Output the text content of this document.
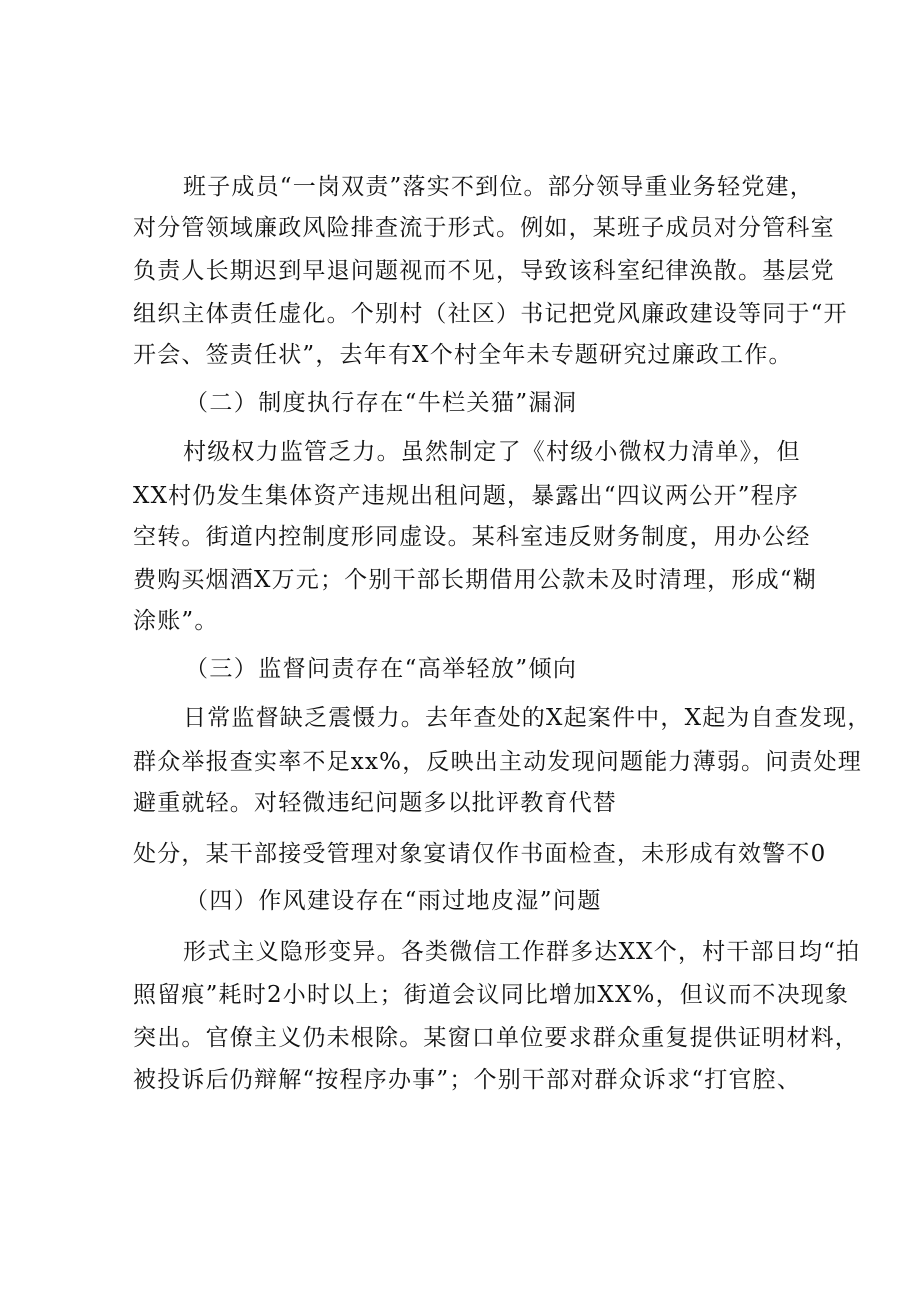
班子成员“一岗双责”落实不到位。部分领导重业务轻党建，
对分管领域廉政风险排查流于形式。例如，某班子成员对分管科室
负责人长期迟到早退问题视而不见，导致该科室纪律涣散。基层党
组织主体责任虚化。个别村（社区）书记把党风廉政建设等同于“开
开会、签责任状”，去年有X个村全年未专题研究过廉政工作。
（二）制度执行存在“牛栏关猫”漏洞
村级权力监管乏力。虽然制定了《村级小微权力清单》，但
XX村仍发生集体资产违规出租问题，暴露出“四议两公开”程序
空转。街道内控制度形同虚设。某科室违反财务制度，用办公经
费购买烟酒X万元；个别干部长期借用公款未及时清理，形成“糊
涂账”。
（三）监督问责存在“高举轻放”倾向
日常监督缺乏震慑力。去年查处的X起案件中，X起为自查发现，
群众举报查实率不足xx%，反映出主动发现问题能力薄弱。问责处理
避重就轻。对轻微违纪问题多以批评教育代替
处分，某干部接受管理对象宴请仅作书面检查，未形成有效警不0
（四）作风建设存在“雨过地皮湿”问题
形式主义隐形变异。各类微信工作群多达XX个，村干部日均“拍
照留痕”耗时2小时以上；街道会议同比增加XX%，但议而不决现象
突出。官僚主义仍未根除。某窗口单位要求群众重复提供证明材料，
被投诉后仍辩解“按程序办事”；个别干部对群众诉求“打官腔、
